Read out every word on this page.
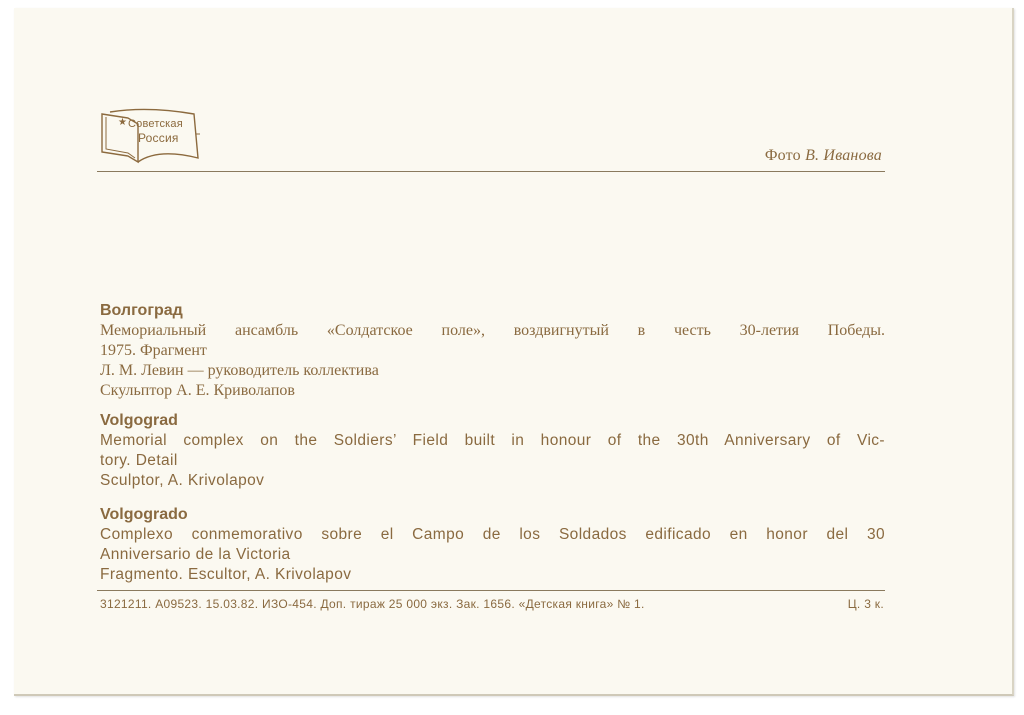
★ Советская
Россия
Фото В. Иванова
Волгоград
Мемориальный ансамбль «Солдатское поле», воздвигнутый в честь 30-летия Победы.
1975. Фрагмент
Л. М. Левин — руководитель коллектива
Скульптор А. Е. Криволапов
Volgograd
Memorial complex on the Soldiers’ Field built in honour of the 30th Anniversary of Vic-
tory. Detail
Sculptor, A. Krivolapov
Volgogrado
Complexo conmemorativo sobre el Campo de los Soldados edificado en honor del 30
Anniversario de la Victoria
Fragmento. Escultor, A. Krivolapov
3121211. А09523. 15.03.82. ИЗО-454. Доп. тираж 25 000 экз. Зак. 1656. «Детская книга» № 1.	Ц. 3 к.
